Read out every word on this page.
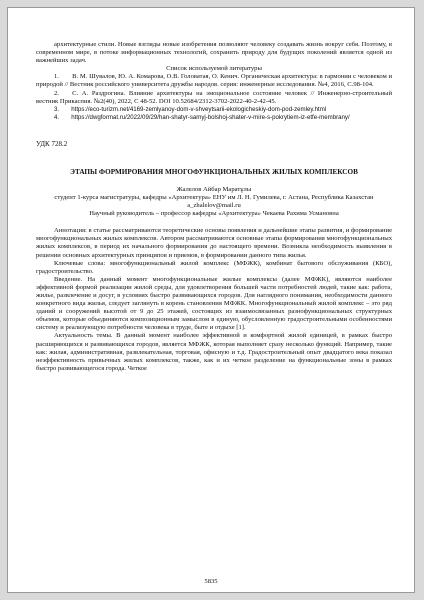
архитектурные стили. Новые взгляды новые изобретения позволяют человеку создавать жизнь вокруг себя. Поэтому, в современном мире, в потоке информационных технологий, сохранить природу для будущих поколений является одной из важнейших задач.

Список используемой литературы

1.  В. М. Шувалов, Ю. А. Комарова, О.В. Головатая, О. Кенич. Органическая архитектура: в гармонии с человеком и природой // Вестник российского университета дружбы народов. серия: инженерные исследования. №4, 2016, С.98-104.

2.  С. А. Раздрогина. Влияние архитектуры на эмоциональное состояние человек // Инженерно-строительный вестник Прикаспия. №2(40), 2022, С 48-52. DOI 10.52684/2312-3702-2022-40-2-42-45.

3.  https://eco-turizm.net/4169-zemlyanoy-dom-v-shveytsarii-ekologicheskiy-dom-pod-zemley.html

4.  https://dwgformat.ru/2022/09/29/han-shatyr-samyj-bolshoj-shater-v-mire-s-pokrytiem-iz-etfe-membrany/

УДК 728.2

ЭТАПЫ ФОРМИРОВАНИЯ МНОГОФУНКЦИОНАЛЬНЫХ ЖИЛЫХ КОМПЛЕКСОВ

Жалелов Айбар Маратұлы

студент 1-курса магистратуры, кафедры «Архитектура» ЕНУ им Л. Н. Гумилева, г. Астана, Республика Казахстан

a_zhalelov@mail.ru

Научный руководитель – профессор кафедры «Архитектура» Чекаева Рахима Усмановна

Аннотация: в статье рассматриваются теоретические основы появления и дальнейшие этапы развития, и формирование многофункциональных жилых комплексов. Автором рассматриваются основные этапы формирования многофункциональных жилых комплексов, в период их начального формирования до настоящего времени. Возникла необходимость выявления в решении основных архитектурных принципов и приемов, в формировании данного типа жилья.

Ключевые слова: многофункциональный жилой комплекс (МФЖК), комбинат бытового обслуживания (КБО), градостроительство.

Введение. На данный момент многофункциональные жилые комплексы (далее МФЖК), являются наиболее эффективной формой реализации жилой среды, для удовлетворения большей части потребностей людей, такие как: работа, жилье, развлечение и досуг, в условиях быстро развивающихся городов. Для наглядного понимания, необходимости данного конкретного вида жилья, следует заглянуть в корень становления МФЖК. Многофункциональный жилой комплекс – это ряд зданий и сооружений высотой от 9 до 25 этажей, состоящих из взаимосвязанных разнофункциональных структурных объемов, которые объединяются композиционным замыслом в единую, обусловленную градостроительными особенностями систему и реализующую потребности человека в труде, быте и отдыхе [1].

Актуальность темы. В данный момент наиболее эффективной и комфортной жилой единицей, в рамках быстро расширяющихся и развивающихся городов, является МФЖК, которая выполняет сразу несколько функций. Например, такие как: жилая, административная, развлекательная, торговая, офисную и т.д. Градостроительный опыт двадцатого века показал неэффективность привычных жилых комплексов, также, как и их четкое разделение на функциональные зоны в рамках быстро развивающегося города. Четкое

5835
